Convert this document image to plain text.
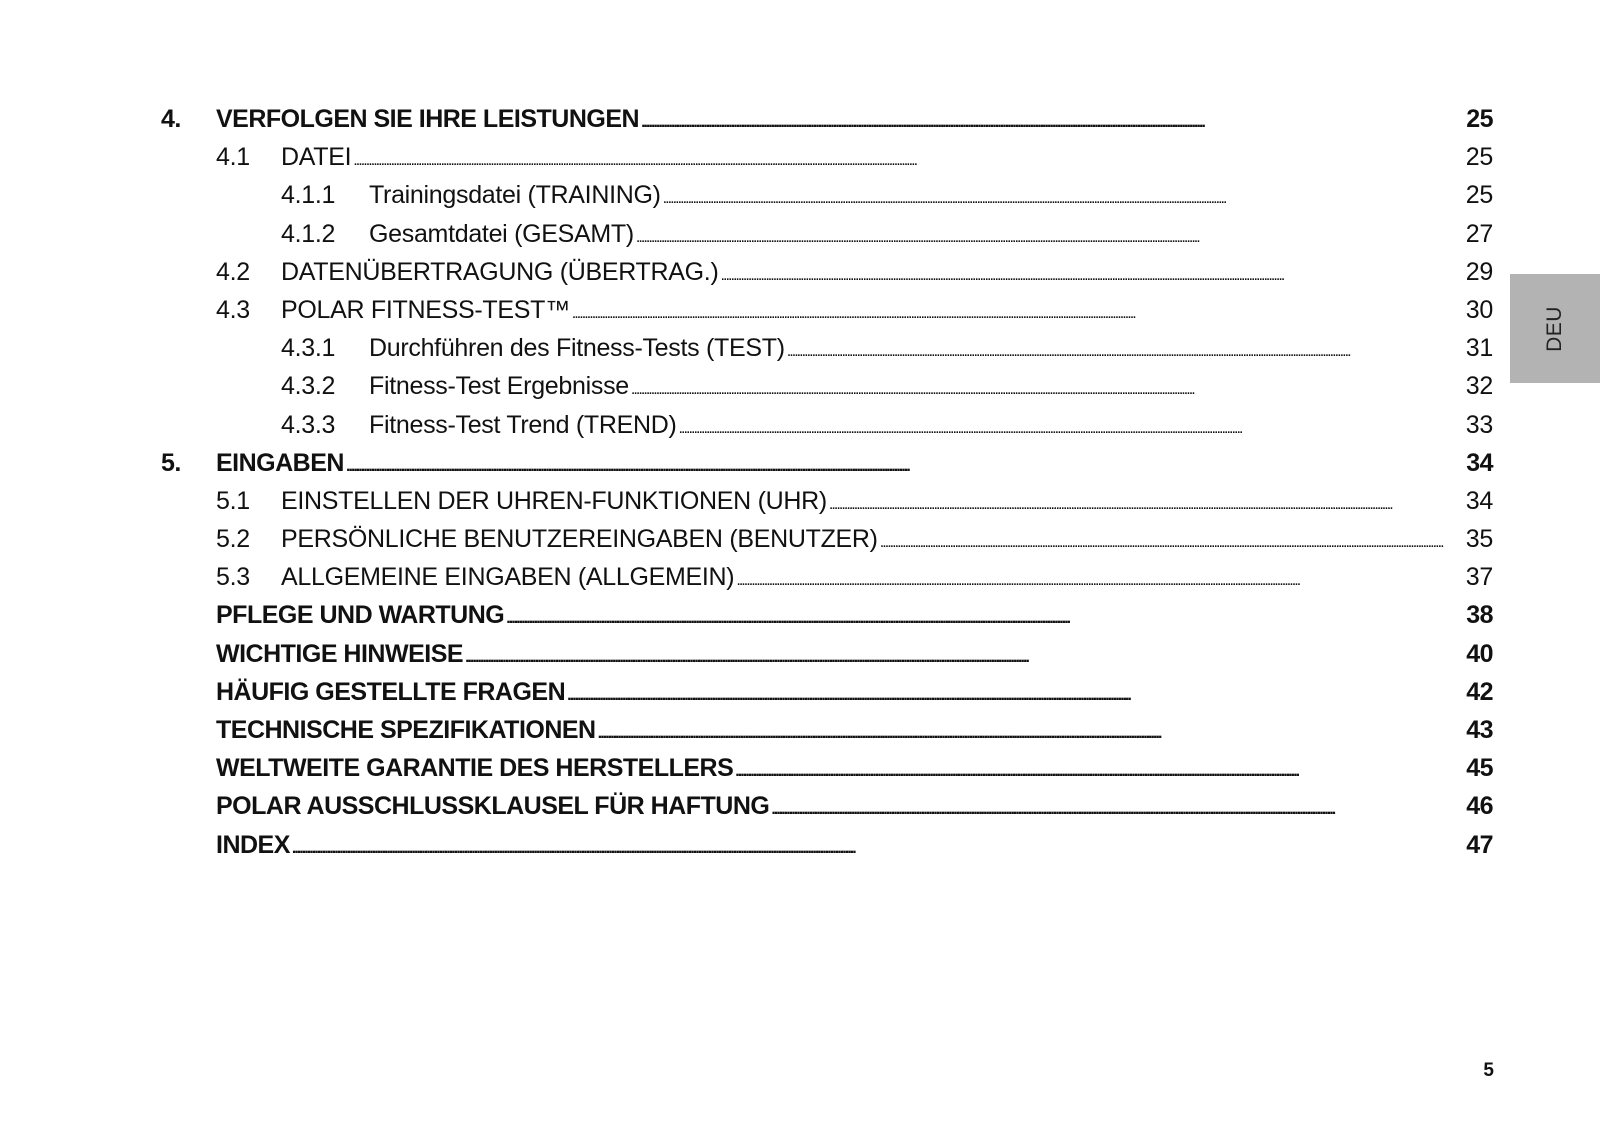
4.	VERFOLGEN SIE IHRE LEISTUNGEN . . .	25
4.1	DATEI . . .	25
4.1.1	Trainingsdatei (TRAINING) . . .	25
4.1.2	Gesamtdatei (GESAMT) . . .	27
4.2	DATENÜBERTRAGUNG (ÜBERTRAG.) . . .	29
4.3	POLAR FITNESS-TEST™ . . .	30
4.3.1	Durchführen des Fitness-Tests (TEST) . . .	31
4.3.2	Fitness-Test Ergebnisse . . .	32
4.3.3	Fitness-Test Trend (TREND) . . .	33
5.	EINGABEN . . .	34
5.1	EINSTELLEN DER UHREN-FUNKTIONEN (UHR) . . .	34
5.2	PERSÖNLICHE BENUTZEREINGABEN (BENUTZER) . . .	35
5.3	ALLGEMEINE EINGABEN (ALLGEMEIN) . . .	37
PFLEGE UND WARTUNG . . .	38
WICHTIGE HINWEISE . . .	40
HÄUFIG GESTELLTE FRAGEN . . .	42
TECHNISCHE SPEZIFIKATIONEN . . .	43
WELTWEITE GARANTIE DES HERSTELLERS . . .	45
POLAR AUSSCHLUSSKLAUSEL FÜR HAFTUNG . . .	46
INDEX . . .	47
DEU
5
